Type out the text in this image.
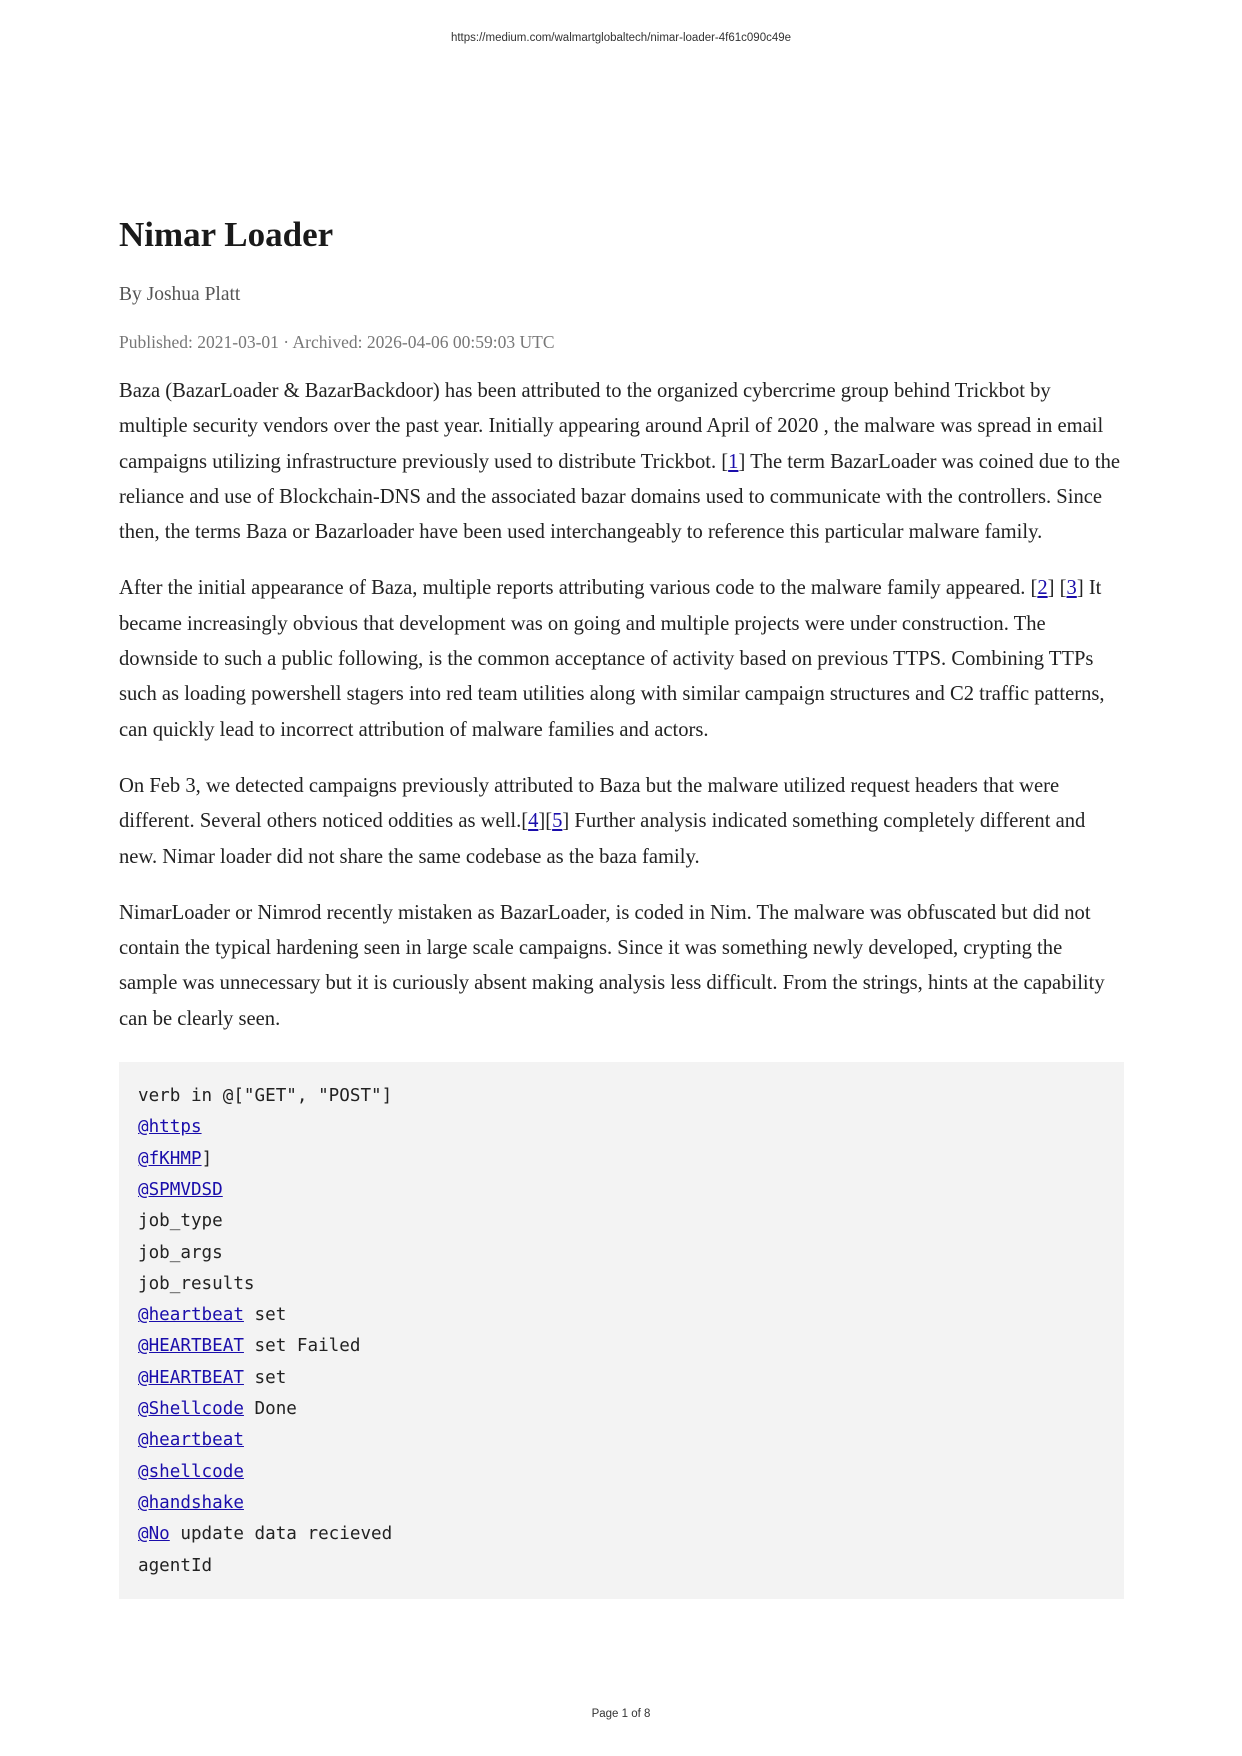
https://medium.com/walmartglobaltech/nimar-loader-4f61c090c49e
Nimar Loader
By Joshua Platt
Published: 2021-03-01 · Archived: 2026-04-06 00:59:03 UTC

Baza (BazarLoader & BazarBackdoor) has been attributed to the organized cybercrime group behind Trickbot by multiple security vendors over the past year. Initially appearing around April of 2020 , the malware was spread in email campaigns utilizing infrastructure previously used to distribute Trickbot. [1] The term BazarLoader was coined due to the reliance and use of Blockchain-DNS and the associated bazar domains used to communicate with the controllers. Since then, the terms Baza or Bazarloader have been used interchangeably to reference this particular malware family.

After the initial appearance of Baza, multiple reports attributing various code to the malware family appeared. [2] [3] It became increasingly obvious that development was on going and multiple projects were under construction. The downside to such a public following, is the common acceptance of activity based on previous TTPS. Combining TTPs such as loading powershell stagers into red team utilities along with similar campaign structures and C2 traffic patterns, can quickly lead to incorrect attribution of malware families and actors.

On Feb 3, we detected campaigns previously attributed to Baza but the malware utilized request headers that were different. Several others noticed oddities as well.[4][5] Further analysis indicated something completely different and new. Nimar loader did not share the same codebase as the baza family.

NimarLoader or Nimrod recently mistaken as BazarLoader, is coded in Nim. The malware was obfuscated but did not contain the typical hardening seen in large scale campaigns. Since it was something newly developed, crypting the sample was unnecessary but it is curiously absent making analysis less difficult. From the strings, hints at the capability can be clearly seen.

verb in @["GET", "POST"]
@https
@fKHMP]
@SPMVDSD
job_type
job_args
job_results
@heartbeat set
@HEARTBEAT set Failed
@HEARTBEAT set
@Shellcode Done
@heartbeat
@shellcode
@handshake
@No update data recieved
agentId
Page 1 of 8
